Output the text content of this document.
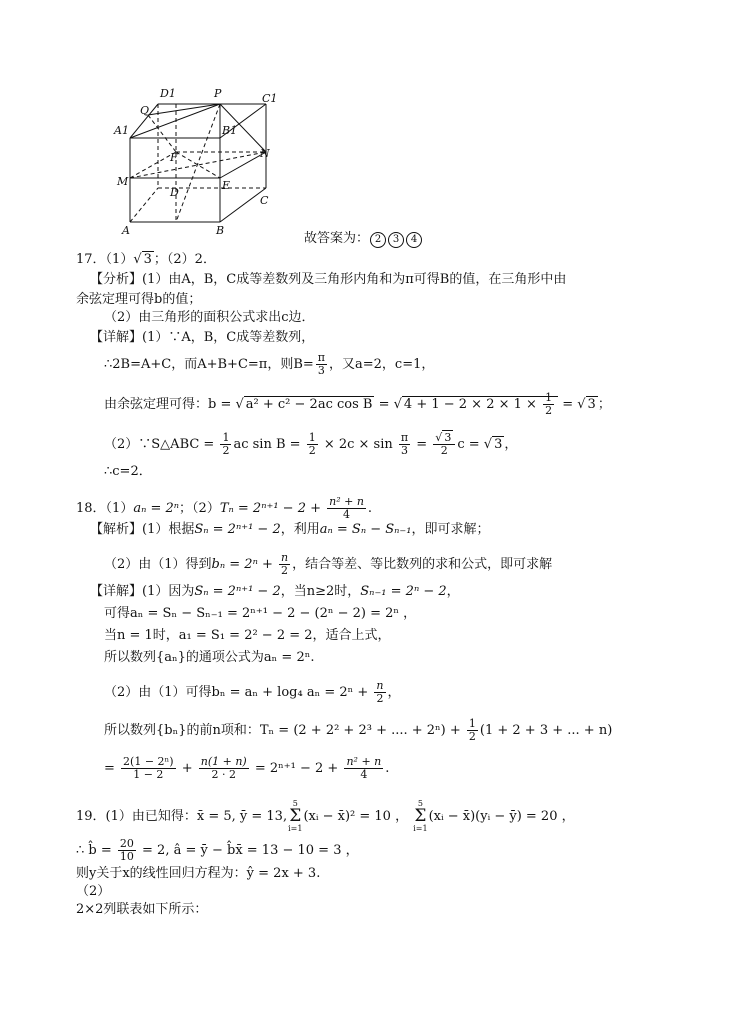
D1	P	C1
Q
A1	B1
F	N
M
D
E
C
A	B
故答案为： 2 3 4
17．（1）√ 3 ；（2）2．
【分析】(1）由A，B，C成等差数列及三角形内角和为π可得B的值，在三角形中由
余弦定理可得b的值；
（2）由三角形的面积公式求出c边．
【详解】(1）∵A，B，C成等差数列，
∴2B=A+C，而A+B+C=π，则$B= \frac{\pi}{3}$ ，又a=2，c=1，
由余弦定理可得：b = √ a² + c² − 2ac cos B = √ $4 + 1 - 2 \times 2 \times 1 \times \frac{1}{2}$ = √ 3 ；
（2）∵S△ABC = $\frac{1}{2}$ ac $\sin B = \frac{1}{2} \times 2c \times \sin \frac{\pi}{3} = \frac{√ 3}{2}$ c = √ 3 ，
∴c=2．
18．（1）aₙ = 2ⁿ；$(2)T_n = 2^{n+1} - 2 + \frac{\text{n² + n}}{4}$ .
【解析】(1）根据Sₙ = 2ⁿ⁺¹ − 2，利用aₙ = Sₙ − Sₙ₋₁，即可求解；
（2）由（1）得到$b_n = 2^n + \frac{n}{2}$ ，结合等差、等比数列的求和公式，即可求解
【详解】(1）因为Sₙ = 2ⁿ⁺¹ − 2，当n≥2时，Sₙ₋₁ = 2ⁿ − 2，
可得aₙ = Sₙ − Sₙ₋₁ = 2ⁿ⁺¹ − 2 − (2ⁿ − 2) = 2ⁿ ，
当n = 1时，a₁ = S₁ = 2² − 2 = 2，适合上式，
所以数列{aₙ}的通项公式为aₙ = 2ⁿ.
（2）由（1）可得bₙ = aₙ + log₄ $a_n = 2^n + \frac{n}{2}$ ，
所以数列{bₙ}的前n项和：Tₙ = (2 + 2² + 2³ + .... + $2^n) + \frac{1}{2} (1 + 2 + 3$ + ... + n)
= $\frac{\text{2(1 − 2ⁿ)}}{1 - 2} + \frac{n(1 + n)}{2 \cdot 2} = 2^{n+1} - 2 + \frac{\text{n² + n}}{4}$ .
19．(1）由已知得：x̄ = 5, ȳ = 13,
5
Σ
i=1
(xᵢ − x̄)² = 10 ，
5
Σ
i=1
(xᵢ − x̄)(yᵢ − ȳ) = 20 ，
∴ b̂ = $\frac{20}{10} = 2$, â = ȳ − b̂x̄ = 13 − 10 = 3 ，
则y关于x的线性回归方程为：ŷ = 2x + 3.
（2）
2×2列联表如下所示：
